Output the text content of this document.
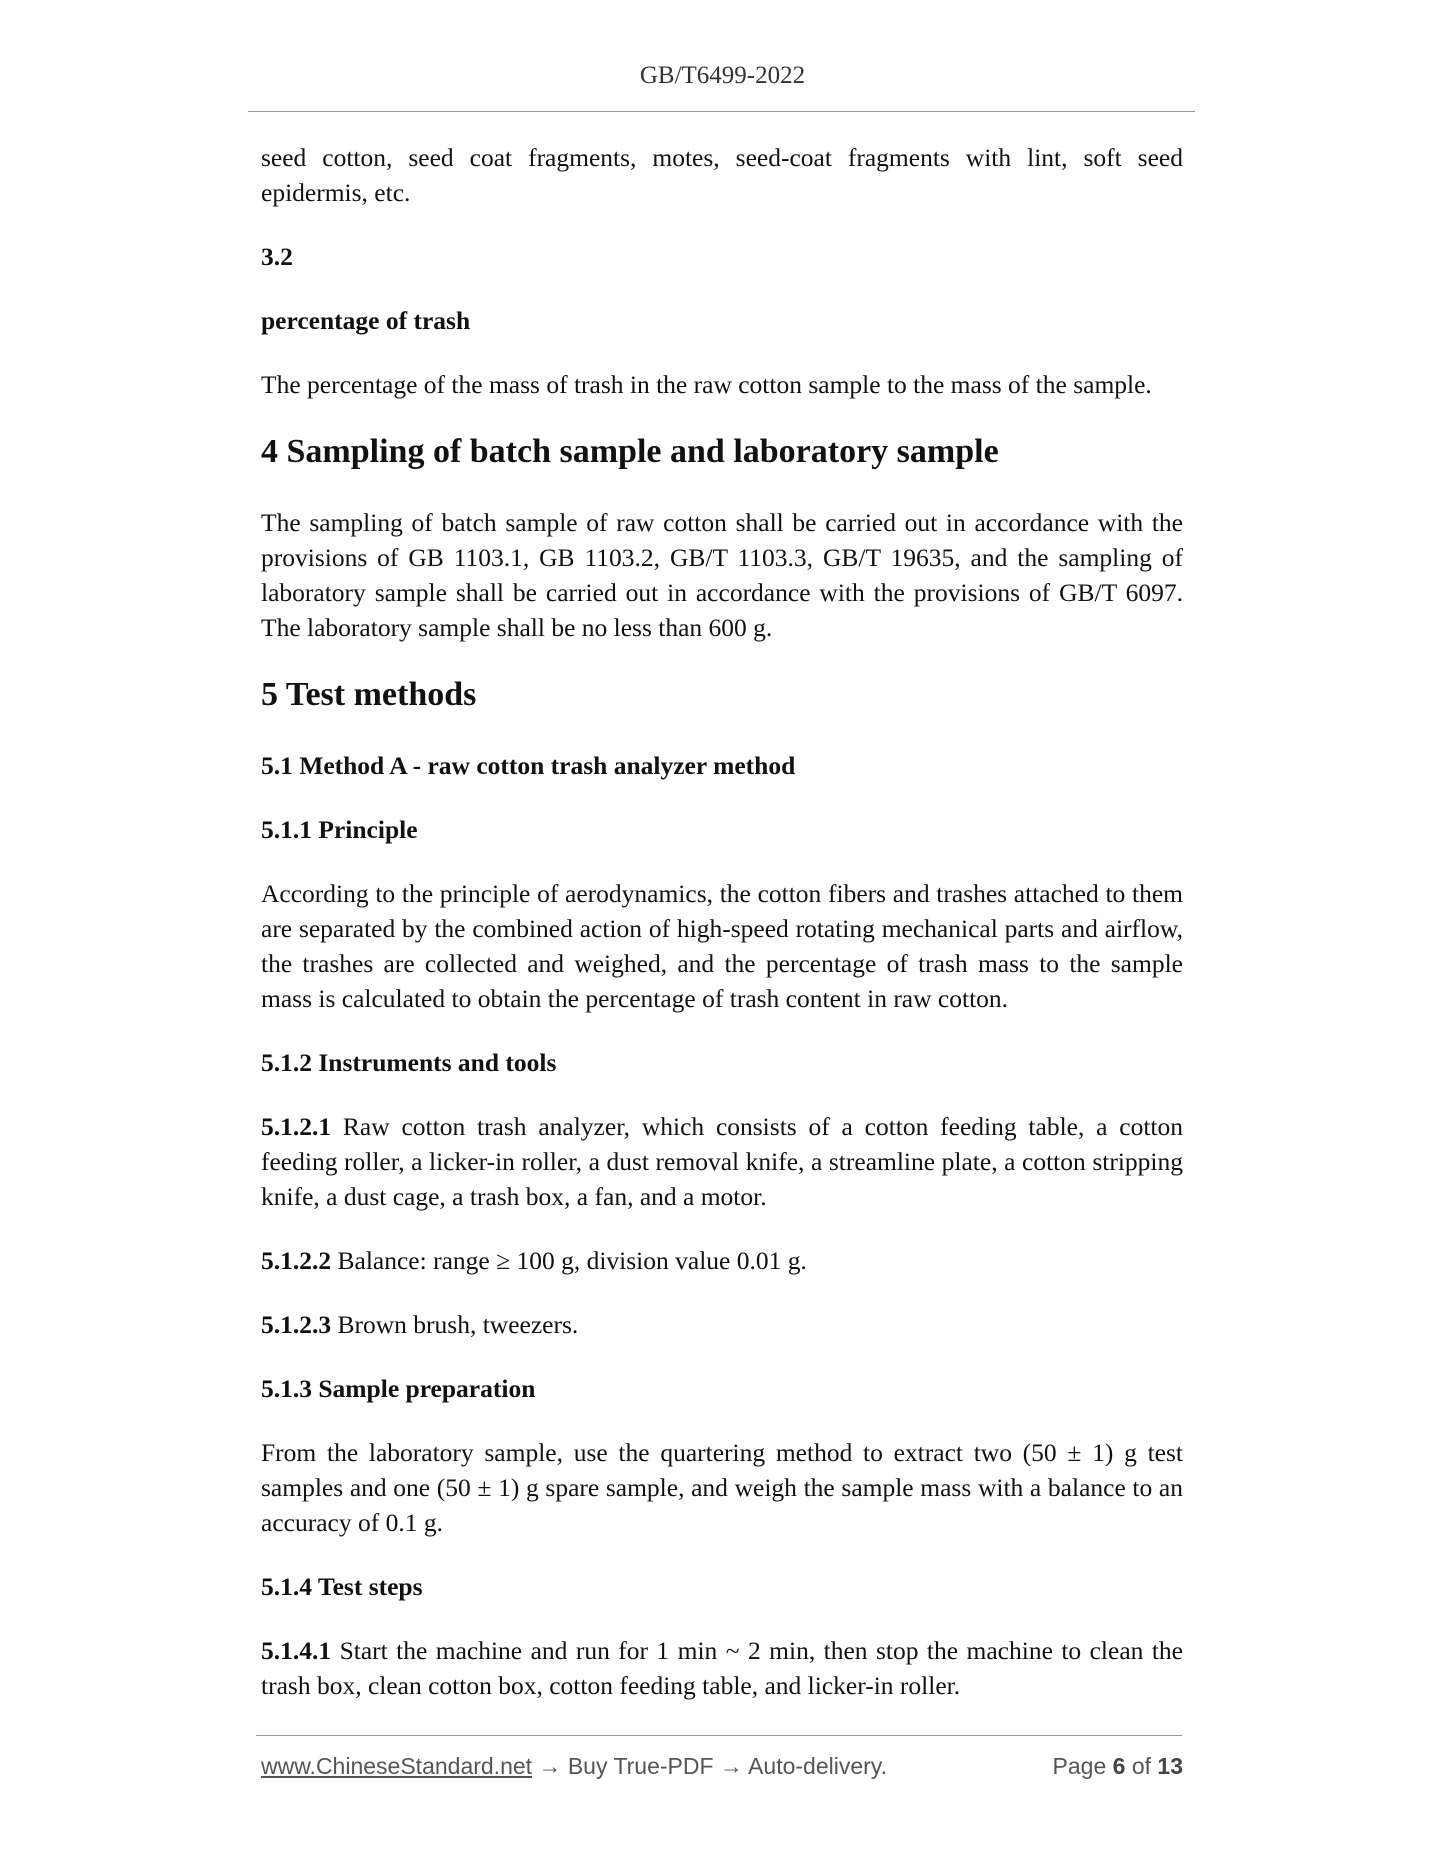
GB/T6499-2022

seed cotton, seed coat fragments, motes, seed-coat fragments with lint, soft seed epidermis, etc.

3.2

percentage of trash

The percentage of the mass of trash in the raw cotton sample to the mass of the sample.

4 Sampling of batch sample and laboratory sample

The sampling of batch sample of raw cotton shall be carried out in accordance with the provisions of GB 1103.1, GB 1103.2, GB/T 1103.3, GB/T 19635, and the sampling of laboratory sample shall be carried out in accordance with the provisions of GB/T 6097. The laboratory sample shall be no less than 600 g.

5 Test methods

5.1 Method A - raw cotton trash analyzer method

5.1.1 Principle

According to the principle of aerodynamics, the cotton fibers and trashes attached to them are separated by the combined action of high-speed rotating mechanical parts and airflow, the trashes are collected and weighed, and the percentage of trash mass to the sample mass is calculated to obtain the percentage of trash content in raw cotton.

5.1.2 Instruments and tools

5.1.2.1 Raw cotton trash analyzer, which consists of a cotton feeding table, a cotton feeding roller, a licker-in roller, a dust removal knife, a streamline plate, a cotton stripping knife, a dust cage, a trash box, a fan, and a motor.

5.1.2.2 Balance: range ≥ 100 g, division value 0.01 g.

5.1.2.3 Brown brush, tweezers.

5.1.3 Sample preparation

From the laboratory sample, use the quartering method to extract two (50 ± 1) g test samples and one (50 ± 1) g spare sample, and weigh the sample mass with a balance to an accuracy of 0.1 g.

5.1.4 Test steps

5.1.4.1 Start the machine and run for 1 min ~ 2 min, then stop the machine to clean the trash box, clean cotton box, cotton feeding table, and licker-in roller.

www.ChineseStandard.net → Buy True-PDF → Auto-delivery.	Page 6 of 13
